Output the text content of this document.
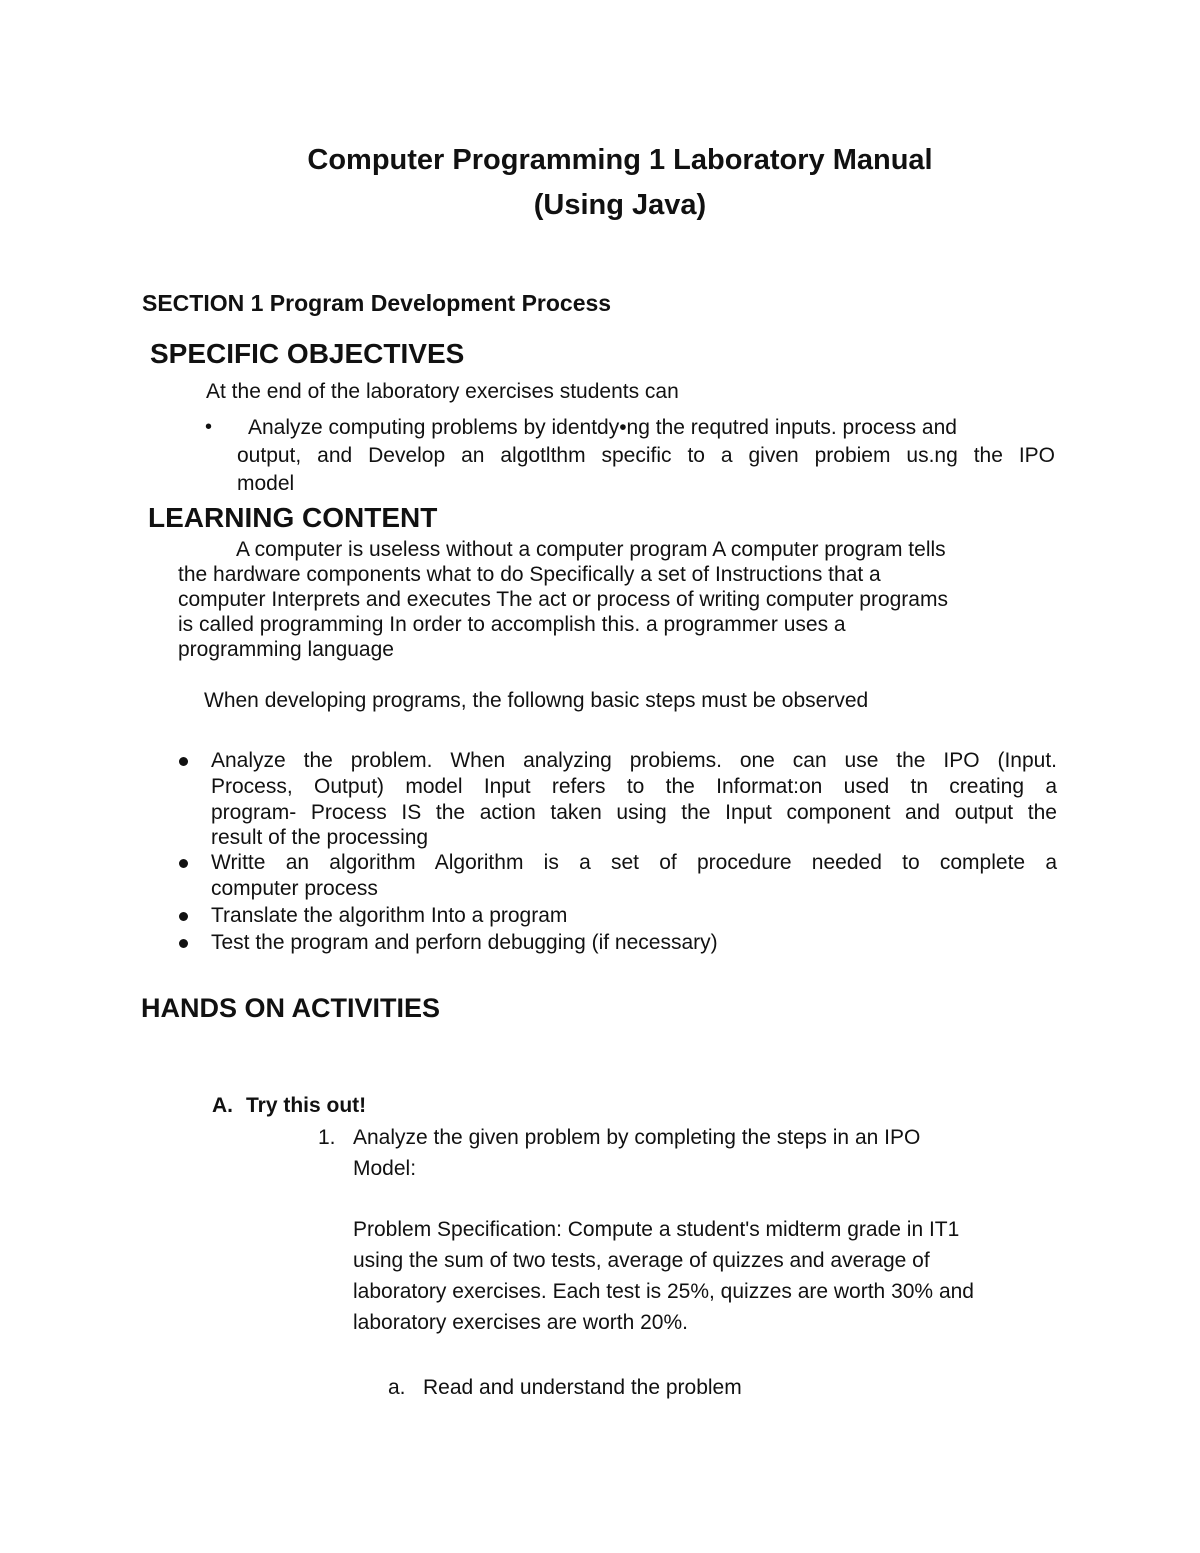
Computer Programming 1 Laboratory Manual
(Using Java)
SECTION 1 Program Development Process
SPECIFIC OBJECTIVES
At the end of the laboratory exercises students can
• Analyze computing problems by identdy•ng the requtred inputs. process and
output, and Develop an algotlthm specific to a given probiem us.ng the IPO
model
LEARNING CONTENT
A computer is useless without a computer program A computer program tells
the hardware components what to do Specifically a set of Instructions that a
computer Interprets and executes The act or process of writing computer programs
is called programming In order to accomplish this. a programmer uses a
programming language
When developing programs, the followng basic steps must be observed
Analyze the problem. When analyzing probiems. one can use the IPO (Input.
Process, Output) model Input refers to the Informat:on used tn creating a
program- Process IS the action taken using the Input component and output the
result of the processing
Writte an algorithm Algorithm is a set of procedure needed to complete a
computer process
Translate the algorithm Into a program
Test the program and perforn debugging (if necessary)
HANDS ON ACTIVITIES
A. Try this out!
1. Analyze the given problem by completing the steps in an IPO
Model:
Problem Specification: Compute a student's midterm grade in IT1
using the sum of two tests, average of quizzes and average of
laboratory exercises. Each test is 25%, quizzes are worth 30% and
laboratory exercises are worth 20%.
a. Read and understand the problem
